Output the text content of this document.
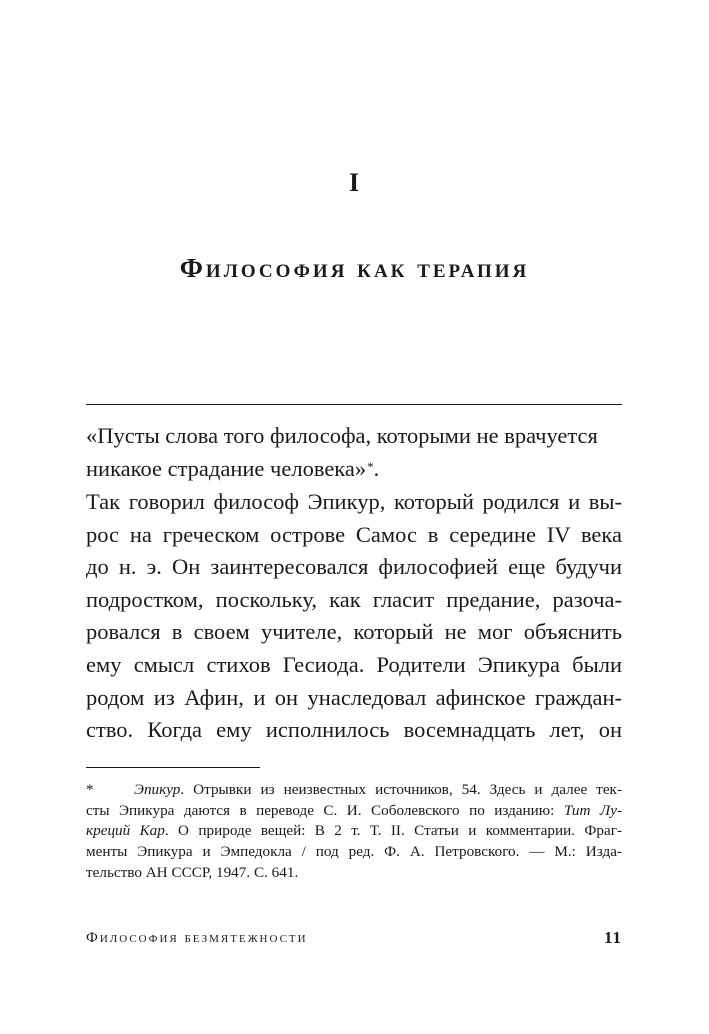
I
Философия как терапия
«Пусты слова того философа, которыми не врачуется
никакое страдание человека»*.
Так говорил философ Эпикур, который родился и вы-
рос на греческом острове Самос в середине IV века
до н. э. Он заинтересовался философией еще будучи
подростком, поскольку, как гласит предание, разоча-
ровался в своем учителе, который не мог объяснить
ему смысл стихов Гесиода. Родители Эпикура были
родом из Афин, и он унаследовал афинское граждан-
ство. Когда ему исполнилось восемнадцать лет, он
*	Эпикур. Отрывки из неизвестных источников, 54. Здесь и далее тек-
сты Эпикура даются в переводе С. И. Соболевского по изданию: Тит Лу-
креций Кар. О природе вещей: В 2 т. Т. II. Статьи и комментарии. Фраг-
менты Эпикура и Эмпедокла / под ред. Ф. А. Петровского. — М.: Изда-
тельство АН СССР, 1947. С. 641.
Философия безмятежности	11
